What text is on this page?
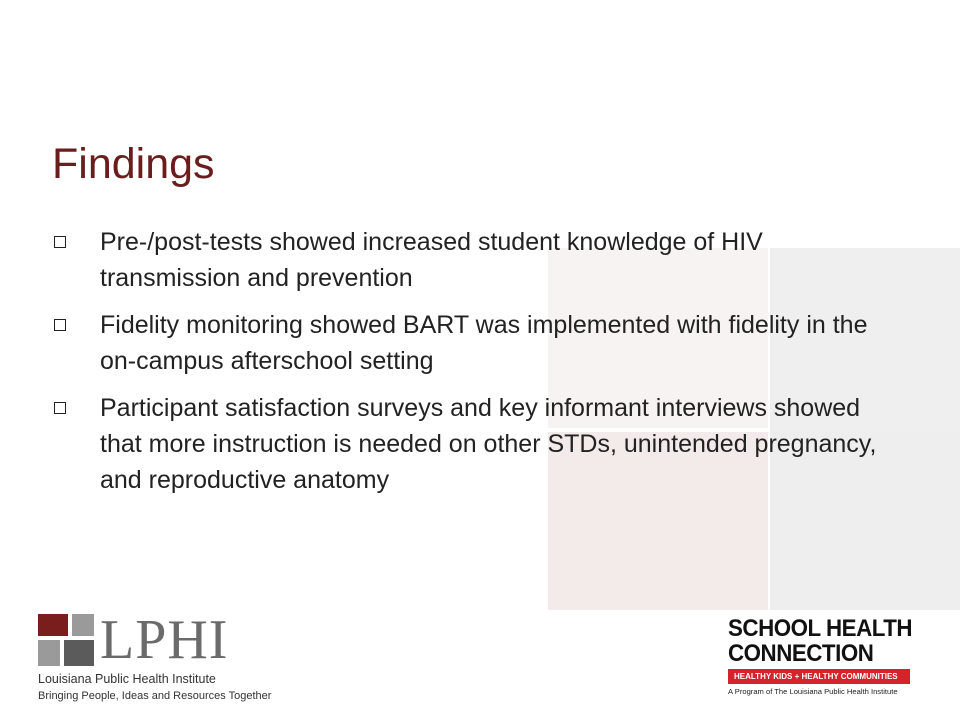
Findings
Pre-/post-tests showed increased student knowledge of HIV transmission and prevention
Fidelity monitoring showed BART was implemented with fidelity in the on-campus afterschool setting
Participant satisfaction surveys and key informant interviews showed that more instruction is needed on other STDs, unintended pregnancy, and reproductive anatomy
LPHI
Louisiana Public Health Institute
Bringing People, Ideas and Resources Together
SCHOOL HEALTH
CONNECTION
HEALTHY KIDS + HEALTHY COMMUNITIES
A Program of The Louisiana Public Health Institute
